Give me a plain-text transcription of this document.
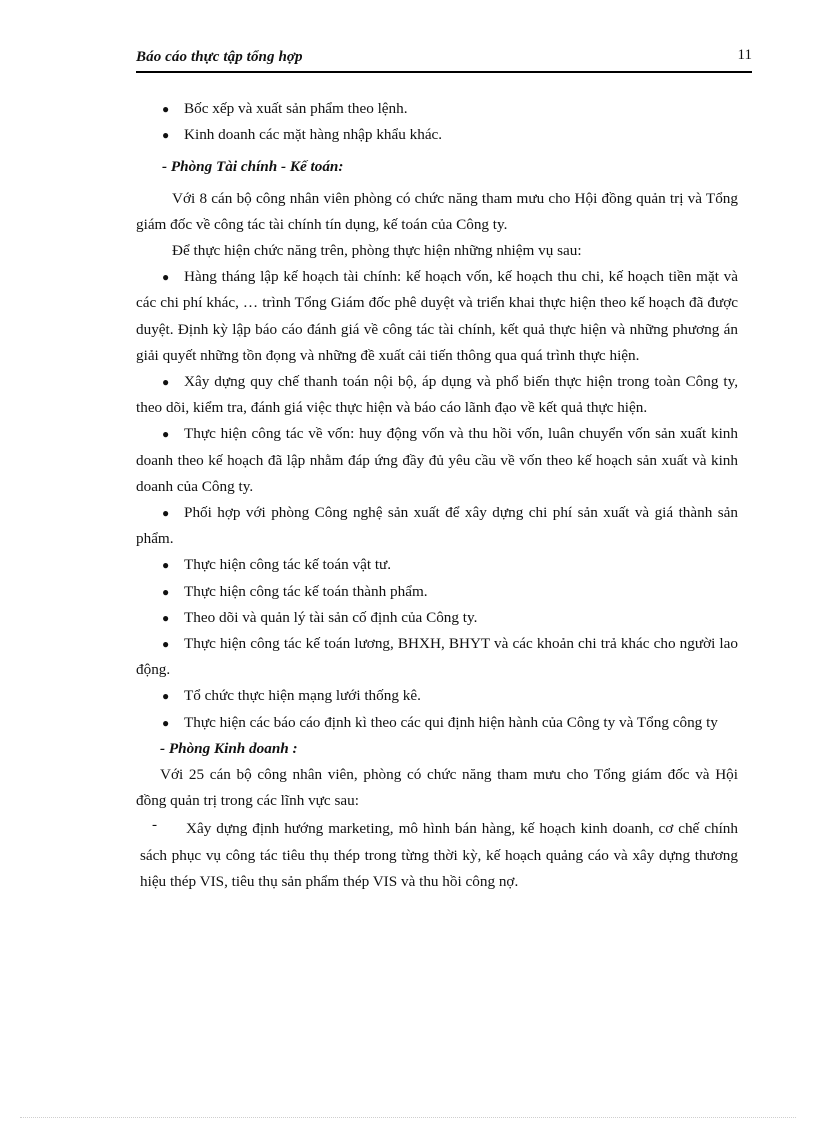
Báo cáo thực tập tổng hợp	11

● Bốc xếp và xuất sản phẩm theo lệnh.

● Kinh doanh các mặt hàng nhập khẩu khác.

- Phòng Tài chính - Kế toán:

Với 8 cán bộ công nhân viên phòng có chức năng tham mưu cho Hội đồng quản trị và Tổng giám đốc về công tác tài chính tín dụng, kế toán của Công ty.

Để thực hiện chức năng trên, phòng thực hiện những nhiệm vụ sau:

● Hàng tháng lập kế hoạch tài chính: kế hoạch vốn, kế hoạch thu chi, kế hoạch tiền mặt và các chi phí khác, … trình Tổng Giám đốc phê duyệt và triển khai thực hiện theo kế hoạch đã được duyệt. Định kỳ lập báo cáo đánh giá về công tác tài chính, kết quả thực hiện và những phương án giải quyết những tồn đọng và những đề xuất cải tiến thông qua quá trình thực hiện.

● Xây dựng quy chế thanh toán nội bộ, áp dụng và phổ biến thực hiện trong toàn Công ty, theo dõi, kiểm tra, đánh giá việc thực hiện và báo cáo lãnh đạo về kết quả thực hiện.

● Thực hiện công tác về vốn: huy động vốn và thu hồi vốn, luân chuyển vốn sản xuất kinh doanh theo kế hoạch đã lập nhằm đáp ứng đầy đủ yêu cầu về vốn theo kế hoạch sản xuất và kinh doanh của Công ty.

● Phối hợp với phòng Công nghệ sản xuất để xây dựng chi phí sản xuất và giá thành sản phẩm.

● Thực hiện công tác kế toán vật tư.

● Thực hiện công tác kế toán thành phẩm.

● Theo dõi và quản lý tài sản cố định của Công ty.

● Thực hiện công tác kế toán lương, BHXH, BHYT và các khoản chi trả khác cho người lao động.

● Tổ chức thực hiện mạng lưới thống kê.

● Thực hiện các báo cáo định kì theo các qui định hiện hành của Công ty và Tổng công ty

- Phòng Kinh doanh :

Với 25 cán bộ công nhân viên, phòng có chức năng tham mưu cho Tổng giám đốc và Hội đồng quản trị trong các lĩnh vực sau:

- Xây dựng định hướng marketing, mô hình bán hàng, kế hoạch kinh doanh, cơ chế chính sách phục vụ công tác tiêu thụ thép trong từng thời kỳ, kế hoạch quảng cáo và xây dựng thương hiệu thép VIS, tiêu thụ sản phẩm thép VIS và thu hồi công nợ.
